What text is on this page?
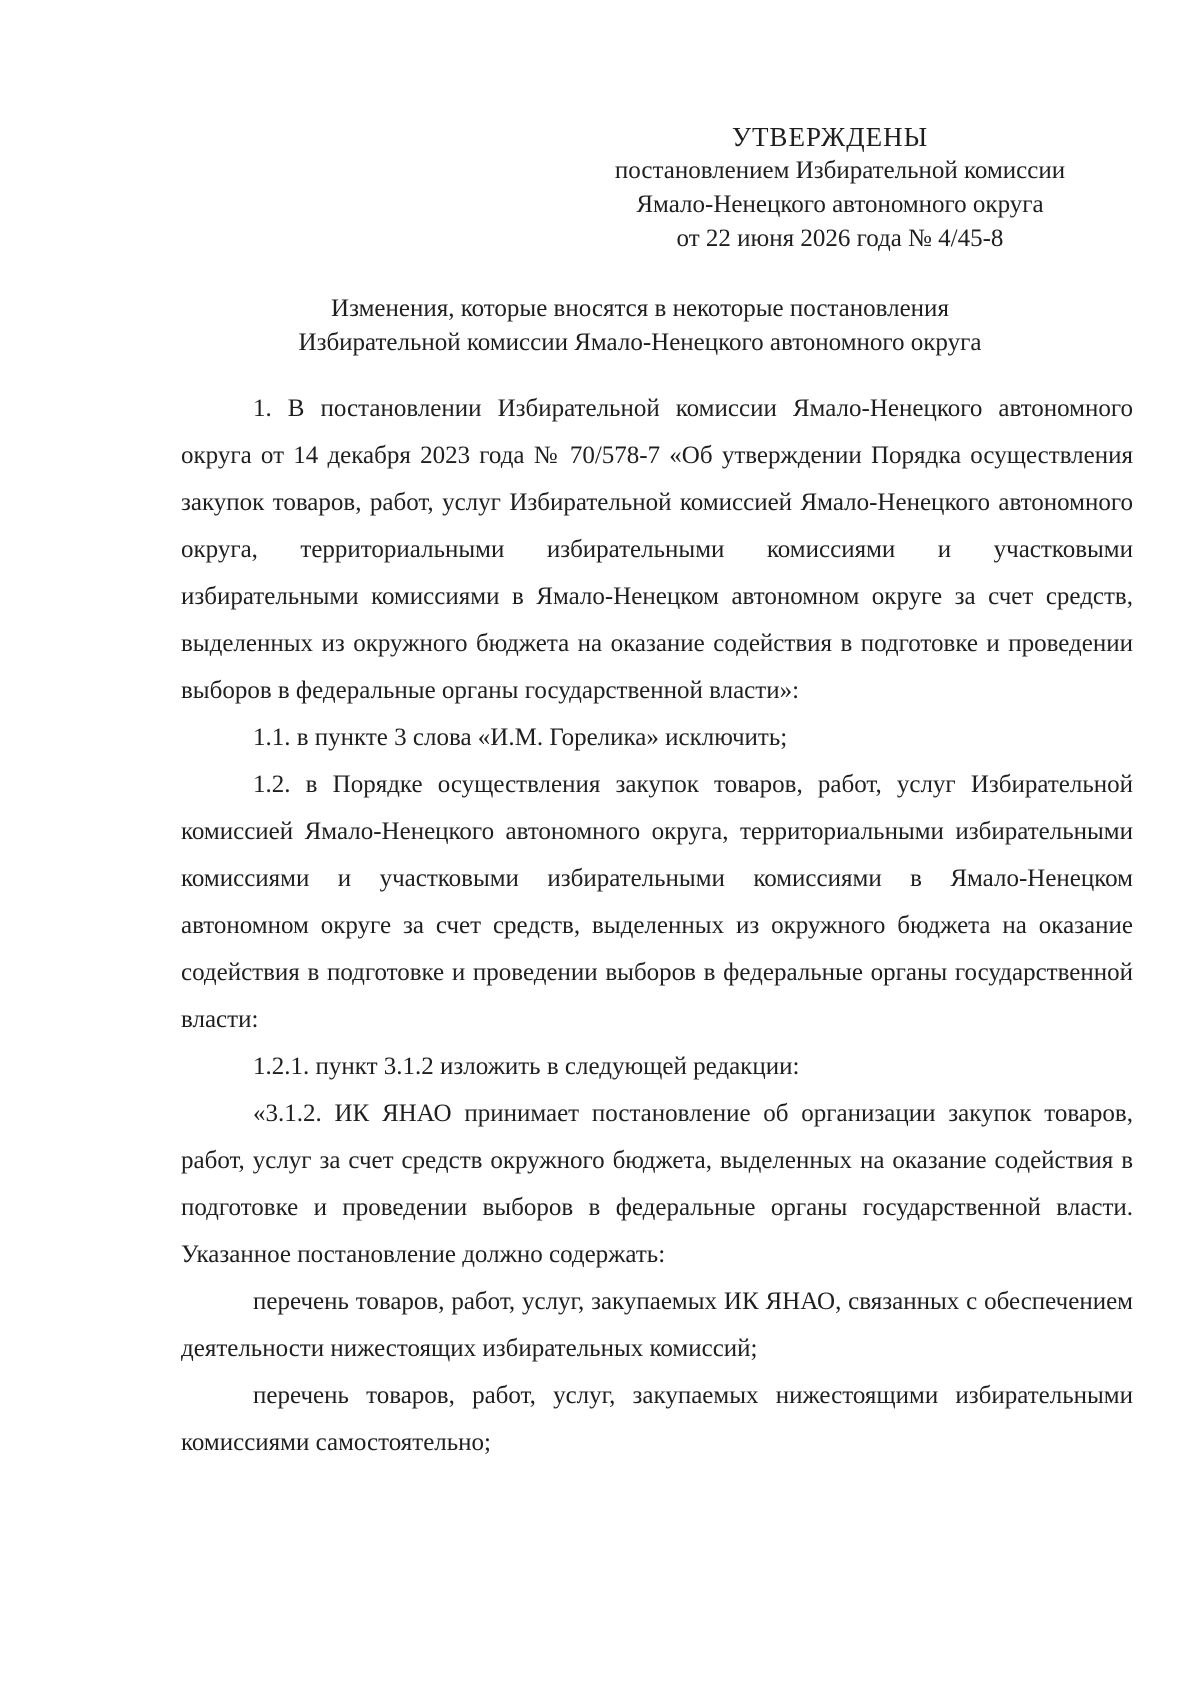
УТВЕРЖДЕНЫ
постановлением Избирательной комиссии
Ямало-Ненецкого автономного округа
от 22 июня 2026 года № 4/45-8
Изменения, которые вносятся в некоторые постановления
Избирательной комиссии Ямало-Ненецкого автономного округа

1. В постановлении Избирательной комиссии Ямало-Ненецкого автономного округа от 14 декабря 2023 года № 70/578-7 «Об утверждении Порядка осуществления закупок товаров, работ, услуг Избирательной комиссией Ямало-Ненецкого автономного округа, территориальными избирательными комиссиями и участковыми избирательными комиссиями в Ямало-Ненецком автономном округе за счет средств, выделенных из окружного бюджета на оказание содействия в подготовке и проведении выборов в федеральные органы государственной власти»:

1.1. в пункте 3 слова «И.М. Горелика» исключить;

1.2. в Порядке осуществления закупок товаров, работ, услуг Избирательной комиссией Ямало-Ненецкого автономного округа, территориальными избирательными комиссиями и участковыми избирательными комиссиями в Ямало-Ненецком автономном округе за счет средств, выделенных из окружного бюджета на оказание содействия в подготовке и проведении выборов в федеральные органы государственной власти:

1.2.1. пункт 3.1.2 изложить в следующей редакции:

«3.1.2. ИК ЯНАО принимает постановление об организации закупок товаров, работ, услуг за счет средств окружного бюджета, выделенных на оказание содействия в подготовке и проведении выборов в федеральные органы государственной власти. Указанное постановление должно содержать:

перечень товаров, работ, услуг, закупаемых ИК ЯНАО, связанных с обеспечением деятельности нижестоящих избирательных комиссий;

перечень товаров, работ, услуг, закупаемых нижестоящими избирательными комиссиями самостоятельно;
